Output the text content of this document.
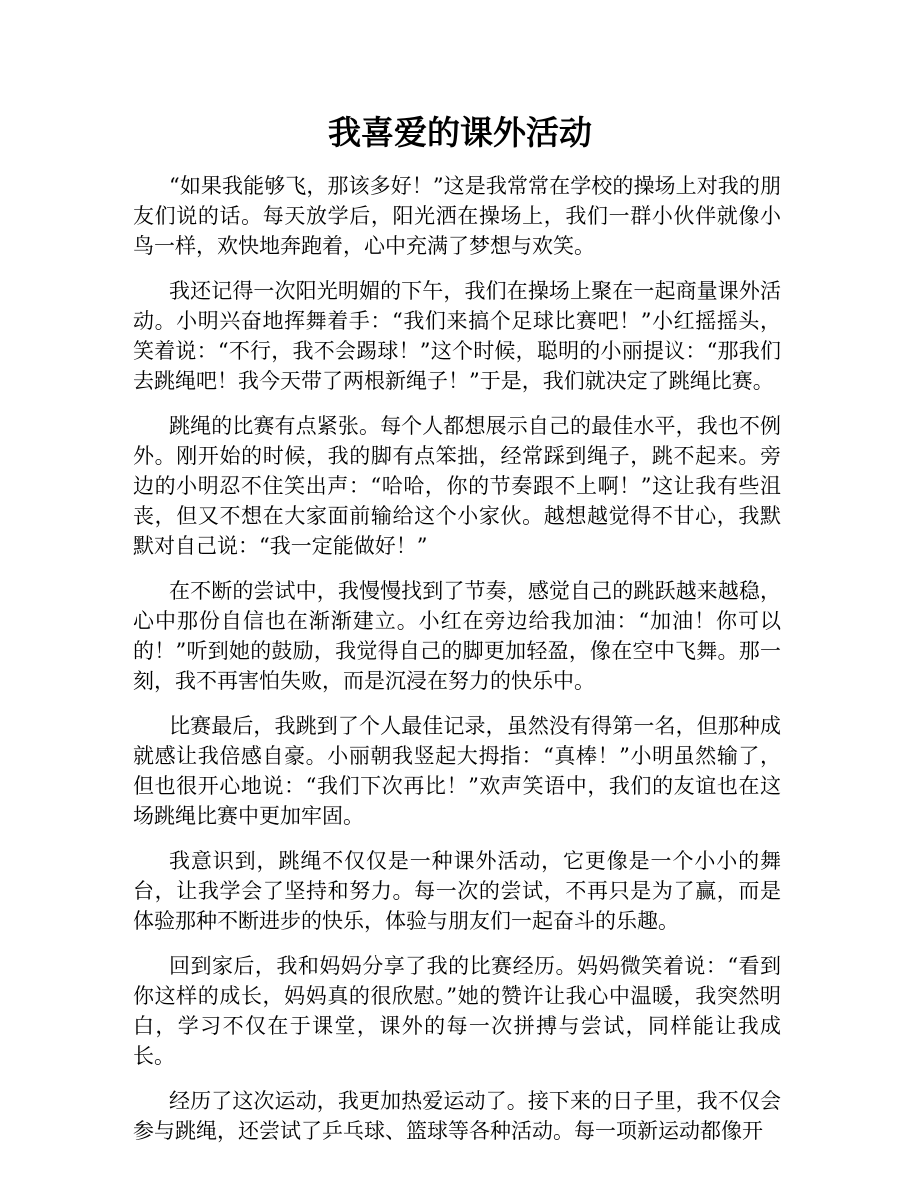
我喜爱的课外活动

“如果我能够飞，那该多好！”这是我常常在学校的操场上对我的朋友们说的话。每天放学后，阳光洒在操场上，我们一群小伙伴就像小鸟一样，欢快地奔跑着，心中充满了梦想与欢笑。

我还记得一次阳光明媚的下午，我们在操场上聚在一起商量课外活动。小明兴奋地挥舞着手：“我们来搞个足球比赛吧！”小红摇摇头，笑着说：“不行，我不会踢球！”这个时候，聪明的小丽提议：“那我们去跳绳吧！我今天带了两根新绳子！”于是，我们就决定了跳绳比赛。

跳绳的比赛有点紧张。每个人都想展示自己的最佳水平，我也不例外。刚开始的时候，我的脚有点笨拙，经常踩到绳子，跳不起来。旁边的小明忍不住笑出声：“哈哈，你的节奏跟不上啊！”这让我有些沮丧，但又不想在大家面前输给这个小家伙。越想越觉得不甘心，我默默对自己说：“我一定能做好！”

在不断的尝试中，我慢慢找到了节奏，感觉自己的跳跃越来越稳，心中那份自信也在渐渐建立。小红在旁边给我加油：“加油！你可以的！”听到她的鼓励，我觉得自己的脚更加轻盈，像在空中飞舞。那一刻，我不再害怕失败，而是沉浸在努力的快乐中。

比赛最后，我跳到了个人最佳记录，虽然没有得第一名，但那种成就感让我倍感自豪。小丽朝我竖起大拇指：“真棒！”小明虽然输了，但也很开心地说：“我们下次再比！”欢声笑语中，我们的友谊也在这场跳绳比赛中更加牢固。

我意识到，跳绳不仅仅是一种课外活动，它更像是一个小小的舞台，让我学会了坚持和努力。每一次的尝试，不再只是为了赢，而是体验那种不断进步的快乐，体验与朋友们一起奋斗的乐趣。

回到家后，我和妈妈分享了我的比赛经历。妈妈微笑着说：“看到你这样的成长，妈妈真的很欣慰。”她的赞许让我心中温暖，我突然明白，学习不仅在于课堂，课外的每一次拼搏与尝试，同样能让我成长。

经历了这次运动，我更加热爱运动了。接下来的日子里，我不仅会参与跳绳，还尝试了乒乓球、篮球等各种活动。每一项新运动都像开
